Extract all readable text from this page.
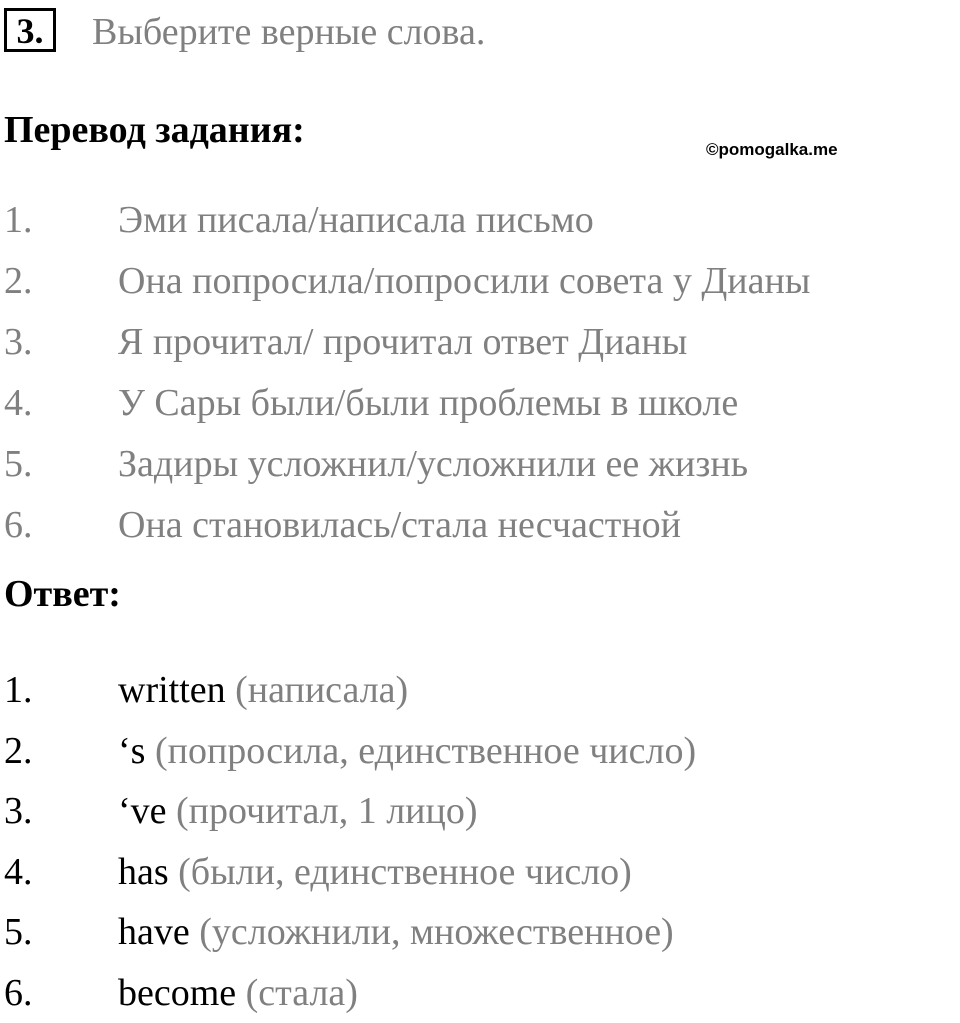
3.	Выберите верные слова.
Перевод задания:	©pomogalka.me
1. Эми писала/написала письмо
2. Она попросила/попросили совета у Дианы
3. Я прочитал/ прочитал ответ Дианы
4. У Сары были/были проблемы в школе
5. Задиры усложнил/усложнили ее жизнь
6. Она становилась/стала несчастной
Ответ:
1. written (написала)
2. ‘s (попросила, единственное число)
3. ‘ve (прочитал, 1 лицо)
4. has (были, единственное число)
5. have (усложнили, множественное)
6. become (стала)
